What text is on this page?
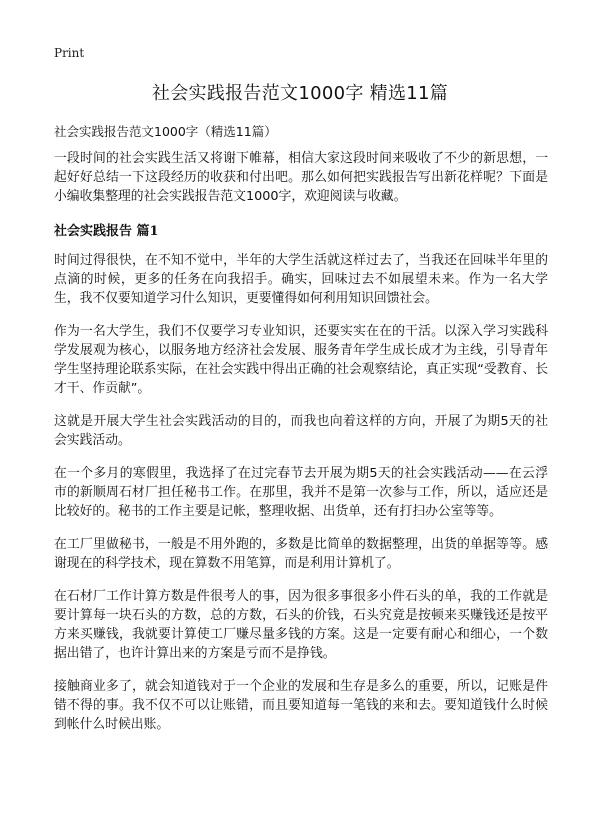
Print
社会实践报告范文1000字 精选11篇

社会实践报告范文1000字（精选11篇）

一段时间的社会实践生活又将谢下帷幕，相信大家这段时间来吸收了不少的新思想，一起好好总结一下这段经历的收获和付出吧。那么如何把实践报告写出新花样呢？下面是小编收集整理的社会实践报告范文1000字，欢迎阅读与收藏。

社会实践报告 篇1

时间过得很快，在不知不觉中，半年的大学生活就这样过去了，当我还在回味半年里的点滴的时候，更多的任务在向我招手。确实，回味过去不如展望未来。作为一名大学生，我不仅要知道学习什么知识，更要懂得如何利用知识回馈社会。

作为一名大学生，我们不仅要学习专业知识，还要实实在在的干活。以深入学习实践科学发展观为核心，以服务地方经济社会发展、服务青年学生成长成才为主线，引导青年学生坚持理论联系实际，在社会实践中得出正确的社会观察结论，真正实现“受教育、长才干、作贡献”。

这就是开展大学生社会实践活动的目的，而我也向着这样的方向，开展了为期5天的社会实践活动。

在一个多月的寒假里，我选择了在过完春节去开展为期5天的社会实践活动——在云浮市的新顺周石材厂担任秘书工作。在那里，我并不是第一次参与工作，所以，适应还是比较好的。秘书的工作主要是记帐，整理收据、出货单，还有打扫办公室等等。

在工厂里做秘书，一般是不用外跑的，多数是比简单的数据整理，出货的单据等等。感谢现在的科学技术，现在算数不用笔算，而是利用计算机了。

在石材厂工作计算方数是件很考人的事，因为很多事很多小件石头的单，我的工作就是要计算每一块石头的方数，总的方数，石头的价钱，石头究竟是按顿来买赚钱还是按平方来买赚钱，我就要计算使工厂赚尽量多钱的方案。这是一定要有耐心和细心，一个数据出错了，也许计算出来的方案是亏而不是挣钱。

接触商业多了，就会知道钱对于一个企业的发展和生存是多么的重要，所以，记账是件错不得的事。我不仅不可以让账错，而且要知道每一笔钱的来和去。要知道钱什么时候到帐什么时候出账。
